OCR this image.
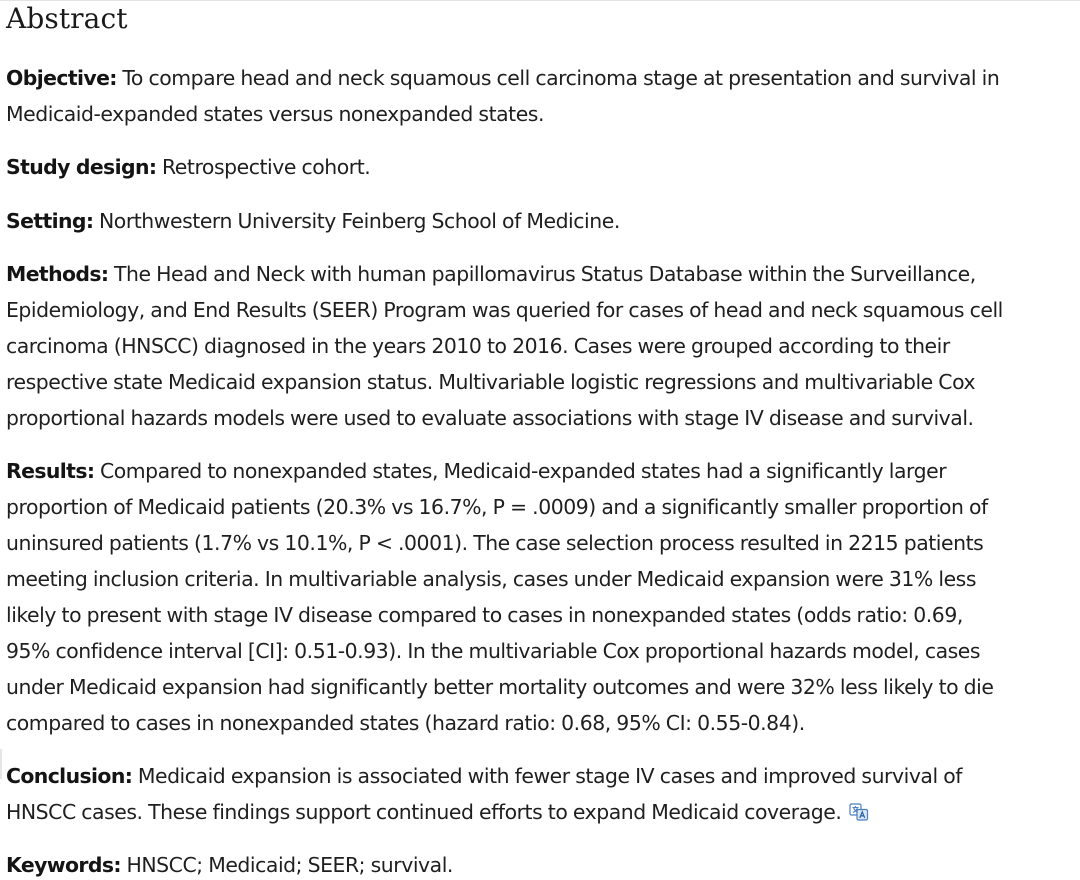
Abstract

Objective: To compare head and neck squamous cell carcinoma stage at presentation and survival in
Medicaid-expanded states versus nonexpanded states.

Study design: Retrospective cohort.

Setting: Northwestern University Feinberg School of Medicine.

Methods: The Head and Neck with human papillomavirus Status Database within the Surveillance,
Epidemiology, and End Results (SEER) Program was queried for cases of head and neck squamous cell
carcinoma (HNSCC) diagnosed in the years 2010 to 2016. Cases were grouped according to their
respective state Medicaid expansion status. Multivariable logistic regressions and multivariable Cox
proportional hazards models were used to evaluate associations with stage IV disease and survival.

Results: Compared to nonexpanded states, Medicaid-expanded states had a significantly larger
proportion of Medicaid patients (20.3% vs 16.7%, P = .0009) and a significantly smaller proportion of
uninsured patients (1.7% vs 10.1%, P < .0001). The case selection process resulted in 2215 patients
meeting inclusion criteria. In multivariable analysis, cases under Medicaid expansion were 31% less
likely to present with stage IV disease compared to cases in nonexpanded states (odds ratio: 0.69,
95% confidence interval [CI]: 0.51-0.93). In the multivariable Cox proportional hazards model, cases
under Medicaid expansion had significantly better mortality outcomes and were 32% less likely to die
compared to cases in nonexpanded states (hazard ratio: 0.68, 95% CI: 0.55-0.84).

Conclusion: Medicaid expansion is associated with fewer stage IV cases and improved survival of
HNSCC cases. These findings support continued efforts to expand Medicaid coverage.

Keywords: HNSCC; Medicaid; SEER; survival.
